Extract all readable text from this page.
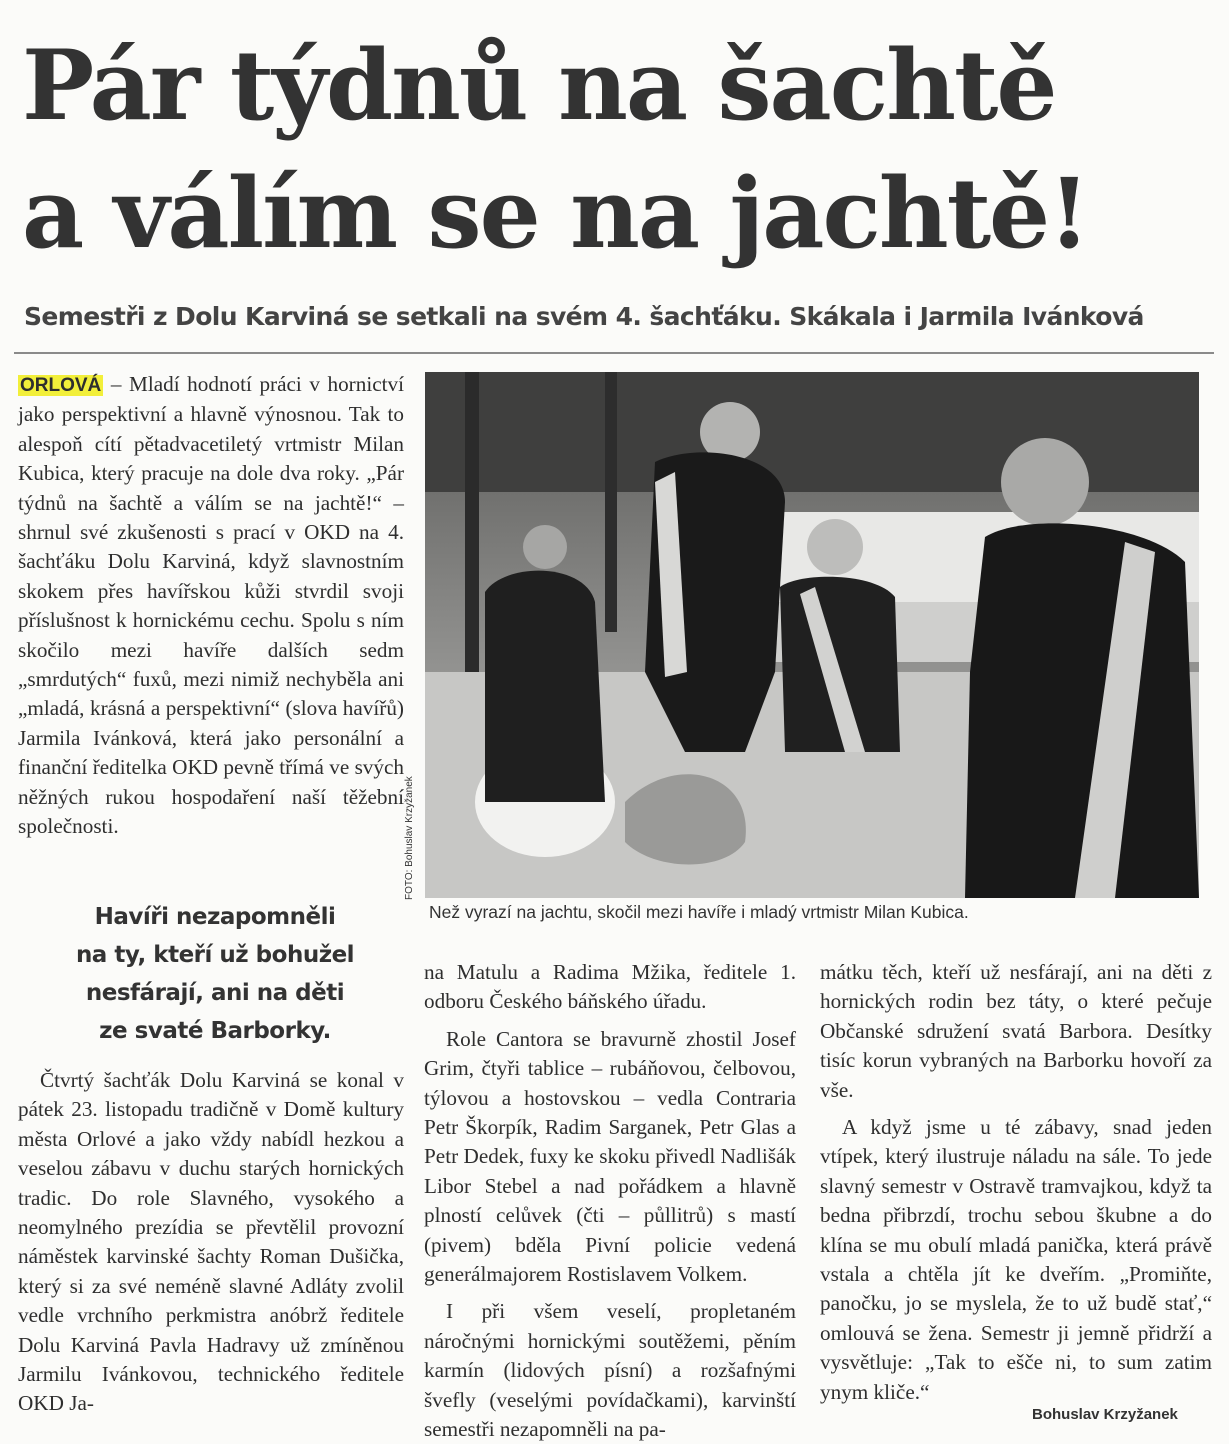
Pár týdnů na šachtě
a válím se na jachtě!

Semestři z Dolu Karviná se setkali na svém 4. šachťáku. Skákala i Jarmila Ivánková

ORLOVÁ – Mladí hodnotí práci v hornictví jako perspektivní a hlavně výnosnou. Tak to alespoň cítí pětadvacetiletý vrtmistr Milan Kubica, který pracuje na dole dva roky. „Pár týdnů na šachtě a válím se na jachtě!“ – shrnul své zkušenosti s prací v OKD na 4. šachťáku Dolu Karviná, když slavnostním skokem přes havířskou kůži stvrdil svoji příslušnost k hornickému cechu. Spolu s ním skočilo mezi havíře dalších sedm „smrdutých“ fuxů, mezi nimiž nechyběla ani „mladá, krásná a perspektivní“ (slova havířů) Jarmila Ivánková, která jako personální a finanční ředitelka OKD pevně třímá ve svých něžných rukou hospodaření naší těžební společnosti.	FOTO: Bohuslav Krzyžanek

Než vyrazí na jachtu, skočil mezi havíře i mladý vrtmistr Milan Kubica.

Havíři nezapomněli
na ty, kteří už bohužel
nesfárají, ani na děti
ze svaté Barborky.

Čtvrtý šachťák Dolu Karviná se konal v pátek 23. listopadu tradičně v Domě kultury města Orlové a jako vždy nabídl hezkou a veselou zábavu v duchu starých hornických tradic. Do role Slavného, vysokého a neomylného prezídia se převtělil provozní náměstek karvinské šachty Roman Dušička, který si za své neméně slavné Adláty zvolil vedle vrchního perkmistra anóbrž ředitele Dolu Karviná Pavla Hadravy už zmíněnou Jarmilu Ivánkovou, technického ředitele OKD Ja-

na Matulu a Radima Mžika, ředitele 1. odboru Českého báňského úřadu.

Role Cantora se bravurně zhostil Josef Grim, čtyři tablice – rubáňovou, čelbovou, týlovou a hostovskou – vedla Contraria Petr Škorpík, Radim Sarganek, Petr Glas a Petr Dedek, fuxy ke skoku přivedl Nadlišák Libor Stebel a nad pořádkem a hlavně plností celůvek (čti – půllitrů) s mastí (pivem) bděla Pivní policie vedená generálmajorem Rostislavem Volkem.

I při všem veselí, propletaném náročnými hornickými soutěžemi, pěním karmín (lidových písní) a rozšafnými švefly (veselými povídačkami), karvinští semestři nezapomněli na pa-

mátku těch, kteří už nesfárají, ani na děti z hornických rodin bez táty, o které pečuje Občanské sdružení svatá Barbora. Desítky tisíc korun vybraných na Barborku hovoří za vše.

A když jsme u té zábavy, snad jeden vtípek, který ilustruje náladu na sále. To jede slavný semestr v Ostravě tramvajkou, když ta bedna přibrzdí, trochu sebou škubne a do klína se mu obulí mladá panička, která právě vstala a chtěla jít ke dveřím. „Promiňte, panočku, jo se myslela, že to už budě stať,“ omlouvá se žena. Semestr ji jemně přidrží a vysvětluje: „Tak to ešče ni, to sum zatim ynym kliče.“

Bohuslav Krzyžanek
